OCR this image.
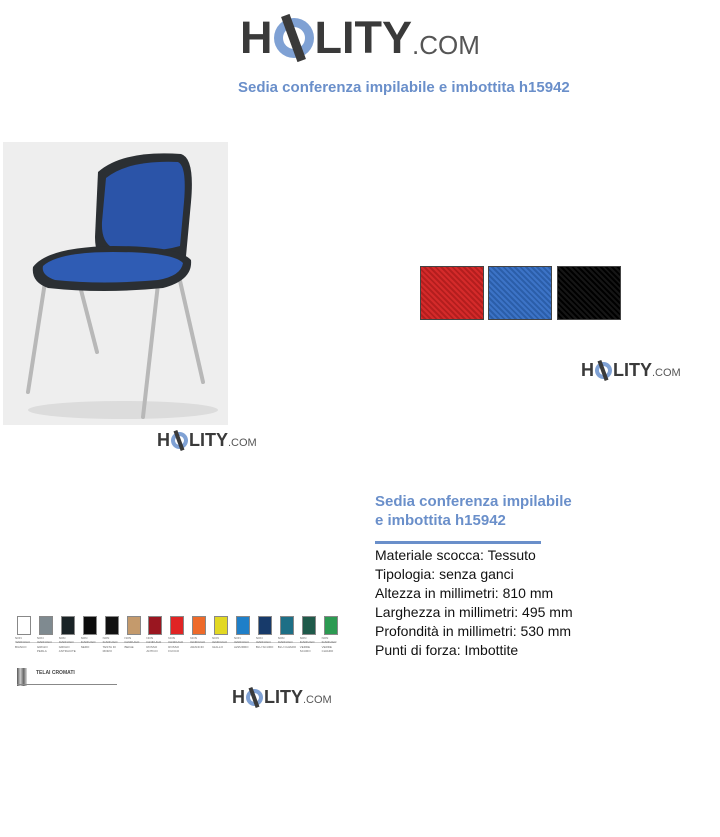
H LITY .COM
Sedia conferenza impilabile e imbottita h15942
H LITY .COM
H LITY .COM
NON IGNIFUGO
BIANCO
NON IGNIFUGO
GRIGIO PERLA
NON IGNIFUGO
GRIGIO ANTRACITE
NON IGNIFUGO
NERO
NON IGNIFUGO
TESTA DI MORO
NON IGNIFUGO
BEIGE
NON IGNIFUGO
ROSSO ANTICO
NON IGNIFUGO
ROSSO FUOCO
NON IGNIFUGO
ARANCIO
NON IGNIFUGO
GIALLO
NON IGNIFUGO
AZZURRO
NON IGNIFUGO
BLU SCURO
NON IGNIFUGO
BLU CHIARO
NON IGNIFUGO
VERDE SCURO
NON IGNIFUGO
VERDE CHIARO
TELAI CROMATI
H LITY .COM
Sedia conferenza impilabile
e imbottita h15942
Materiale scocca: Tessuto
Tipologia: senza ganci
Altezza in millimetri: 810 mm
Larghezza in millimetri: 495 mm
Profondità in millimetri: 530 mm
Punti di forza: Imbottite
